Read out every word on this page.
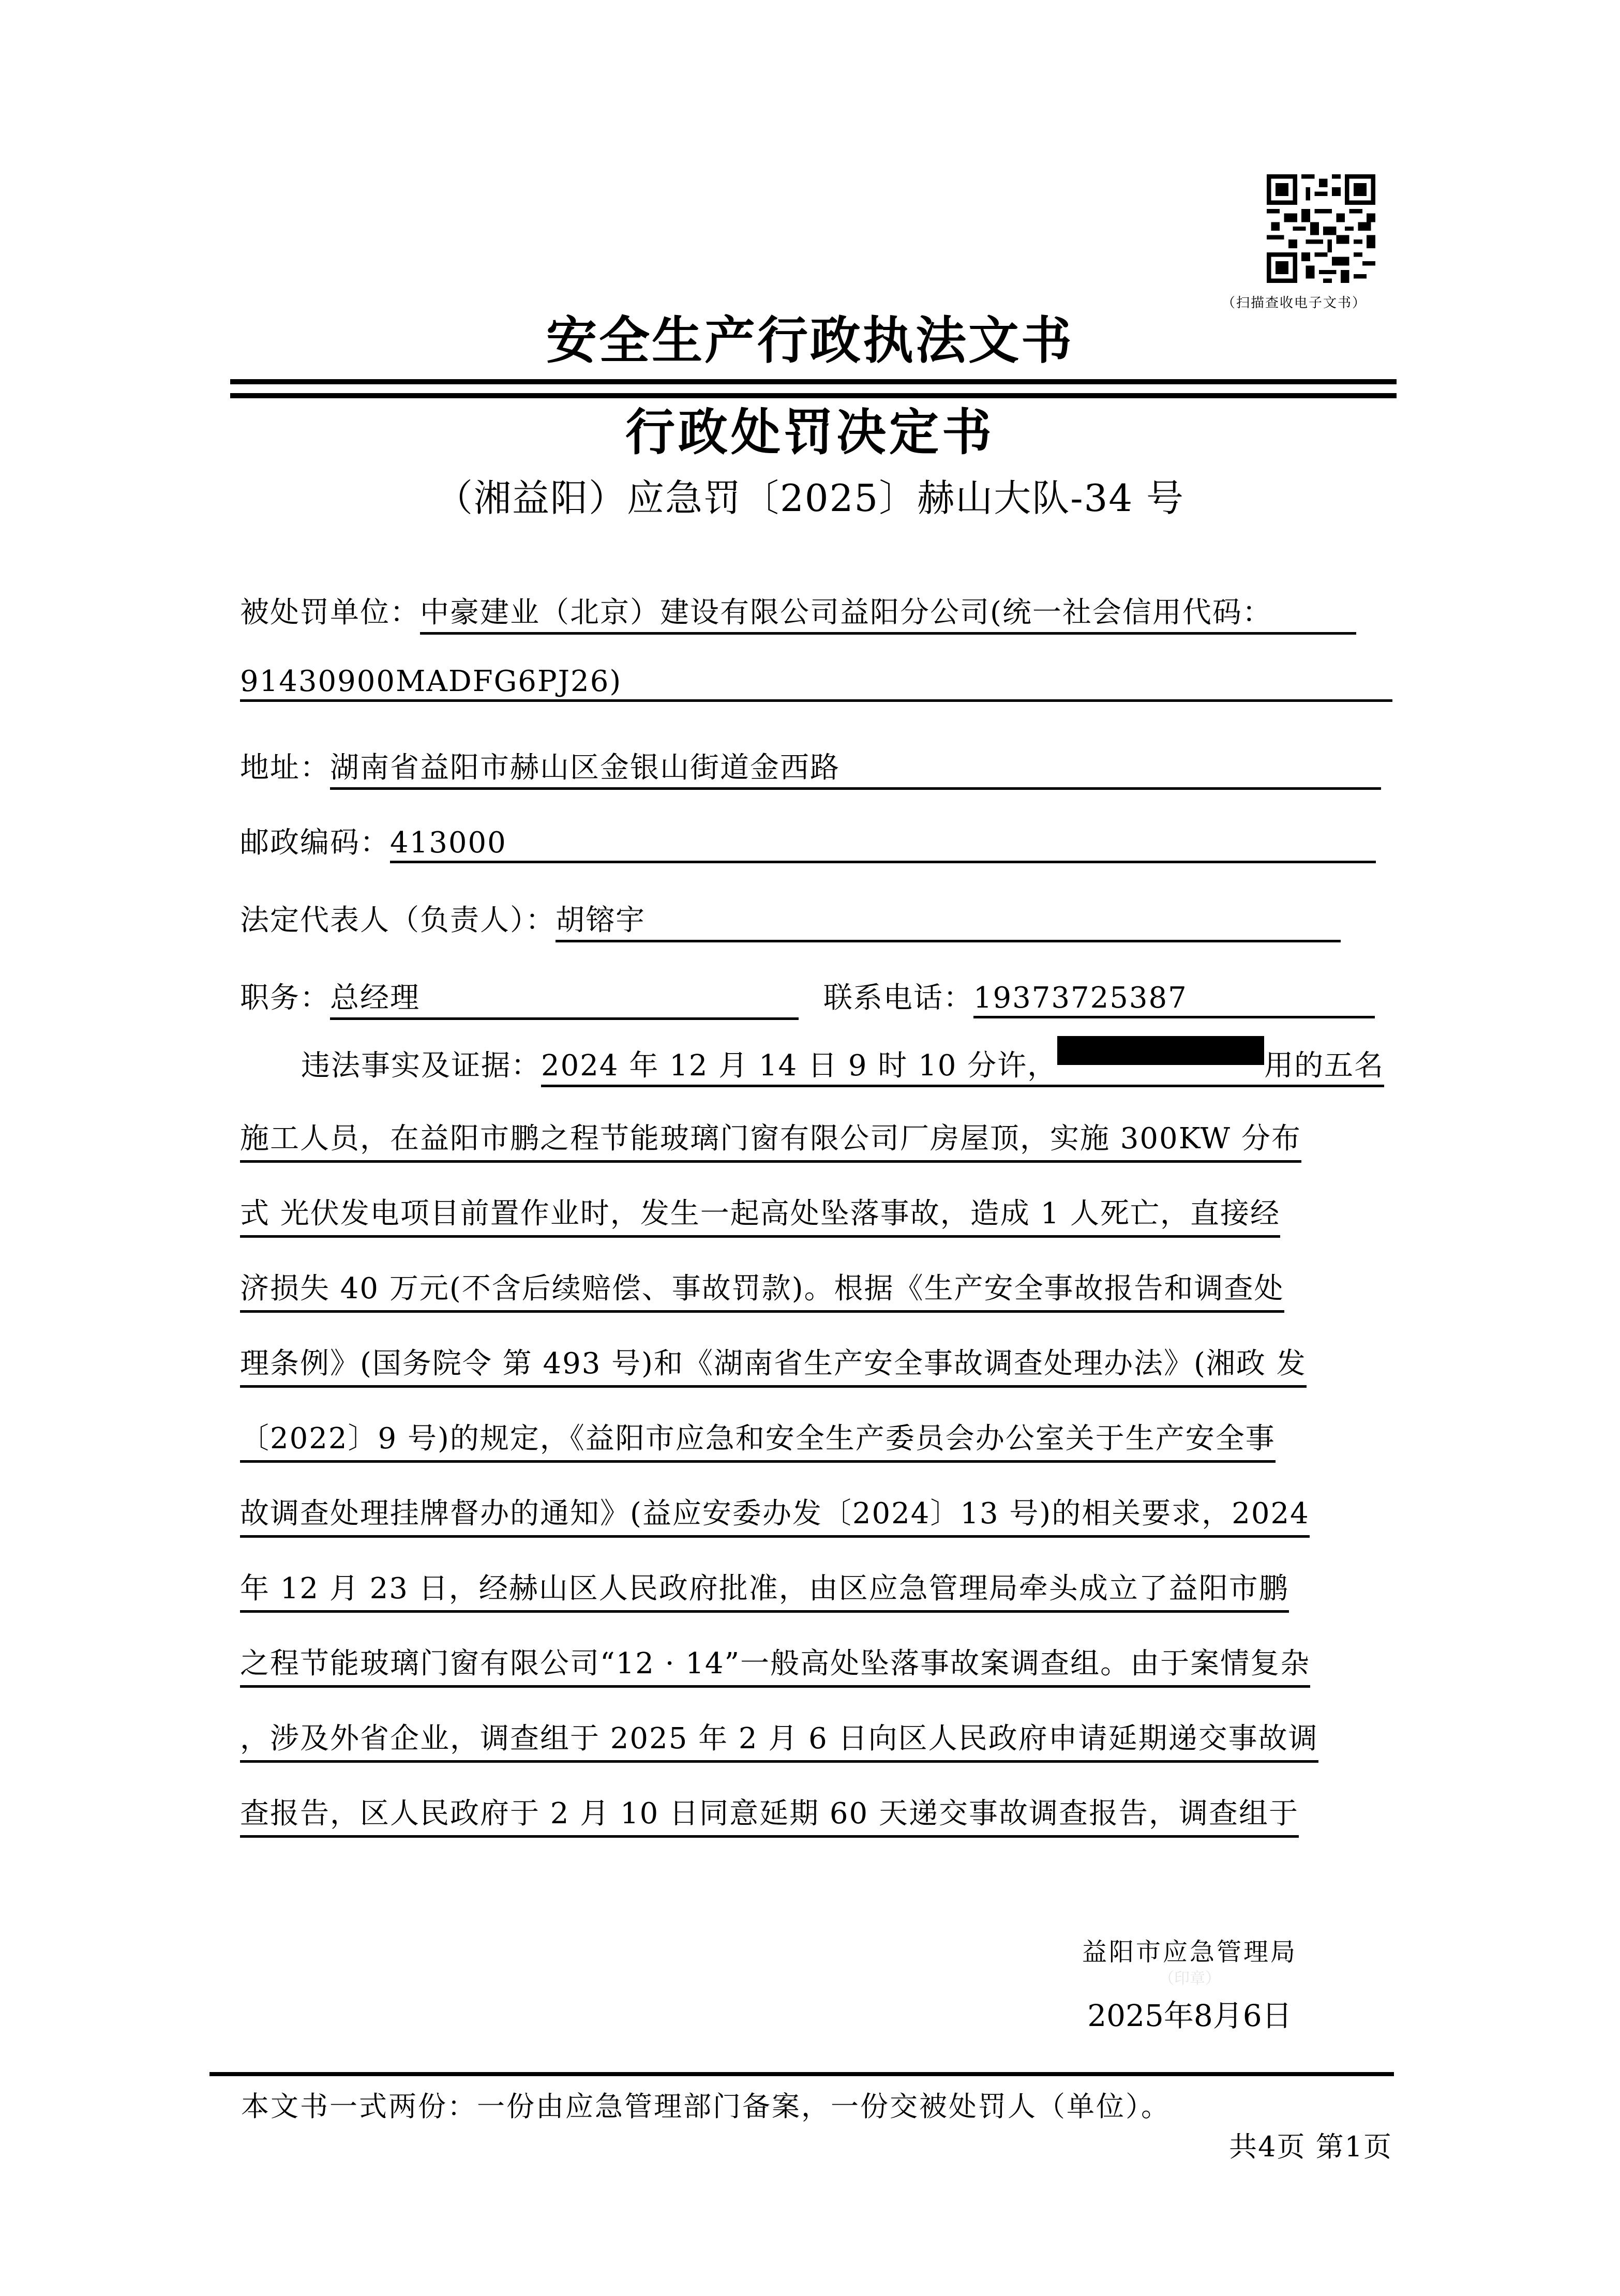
（扫描查收电子文书）
安全生产行政执法文书
行政处罚决定书
（湘益阳）应急罚〔2025〕赫山大队-34 号
被处罚单位：中豪建业（北京）建设有限公司益阳分公司(统一社会信用代码：
91430900MADFG6PJ26)
地址：湖南省益阳市赫山区金银山街道金西路
邮政编码：413000
法定代表人（负责人）：胡镕宇
职务：总经理	联系电话：19373725387
违法事实及证据：2024 年 12 月 14 日 9 时 10 分许，	用的五名
施工人员，在益阳市鹏之程节能玻璃门窗有限公司厂房屋顶，实施 300KW 分布
式 光伏发电项目前置作业时，发生一起高处坠落事故，造成 1 人死亡，直接经
济损失 40 万元(不含后续赔偿、事故罚款)。根据《生产安全事故报告和调查处
理条例》(国务院令 第 493 号)和《湖南省生产安全事故调查处理办法》(湘政 发
〔2022〕9 号)的规定，《益阳市应急和安全生产委员会办公室关于生产安全事
故调查处理挂牌督办的通知》(益应安委办发〔2024〕13 号)的相关要求，2024
年 12 月 23 日，经赫山区人民政府批准，由区应急管理局牵头成立了益阳市鹏
之程节能玻璃门窗有限公司“12 · 14”一般高处坠落事故案调查组。由于案情复杂
，涉及外省企业，调查组于 2025 年 2 月 6 日向区人民政府申请延期递交事故调
查报告，区人民政府于 2 月 10 日同意延期 60 天递交事故调查报告，调查组于
益阳市应急管理局
（印章）
2025年8月6日
本文书一式两份：一份由应急管理部门备案，一份交被处罚人（单位）。
共4页 第1页
